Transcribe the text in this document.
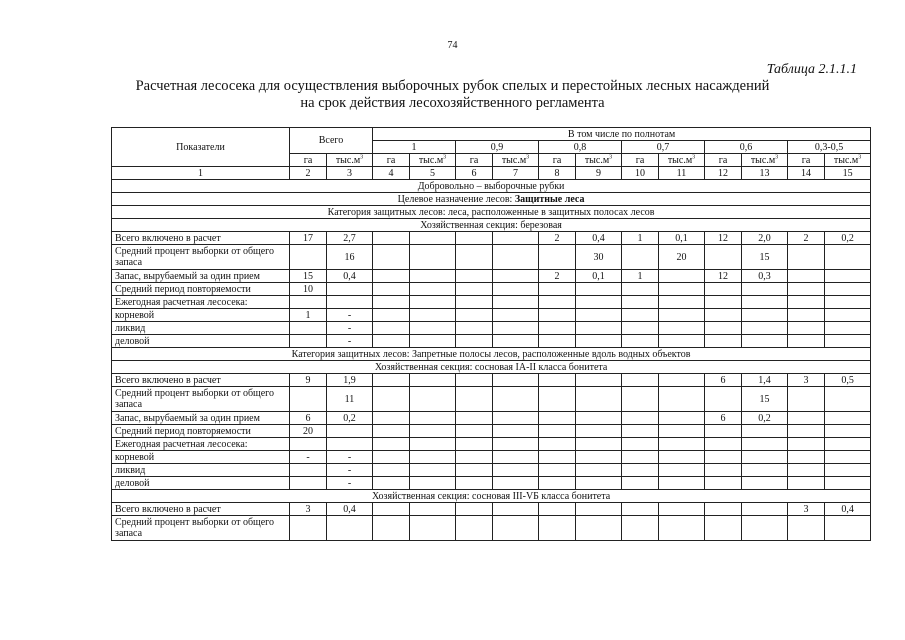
74
Таблица 2.1.1.1
Расчетная лесосека для осуществления выборочных рубок спелых и перестойных лесных насаждений
на срок действия лесохозяйственного регламента
Показатели	Всего		В том числе по полнотам											
			1		0,9		0,8		0,7		0,6		0,3-0,5	
	га	$тыс.м^3$	га	$тыс.м^3$	га	$тыс.м^3$	га	$тыс.м^3$	га	$тыс.м^3$	га	$тыс.м^3$	га	$тыс.м^3$
1	2	3	4	5	6	7	8	9	10	11	12	13	14	15
Добровольно – выборочные рубки														
Целевое назначение лесов: Защитные леса														
Категория защитных лесов: леса, расположенные в защитных полосах лесов														
Хозяйственная секция: березовая														
Всего включено в расчет	17	2,7					2	0,4	1	0,1	12	2,0	2	0,2
Средний процент выборки от общего запаса		16						30		20		15		
Запас, вырубаемый за один прием	15	0,4					2	0,1	1		12	0,3		
Средний период повторяемости	10													
Ежегодная расчетная лесосека:														
корневой	1	-												
ликвид		-												
деловой		-												
Категория защитных лесов: Запретные полосы лесов, расположенные вдоль водных объектов														
Хозяйственная секция: сосновая IA-II класса бонитета														
Всего включено в расчет	9	1,9									6	1,4	3	0,5
Средний процент выборки от общего запаса		11										15		
Запас, вырубаемый за один прием	6	0,2									6	0,2		
Средний период повторяемости	20													
Ежегодная расчетная лесосека:														
корневой	-	-												
ликвид		-												
деловой		-												
Хозяйственная секция: сосновая III-VБ класса бонитета														
Всего включено в расчет	3	0,4											3	0,4
Средний процент выборки от общего запаса														
